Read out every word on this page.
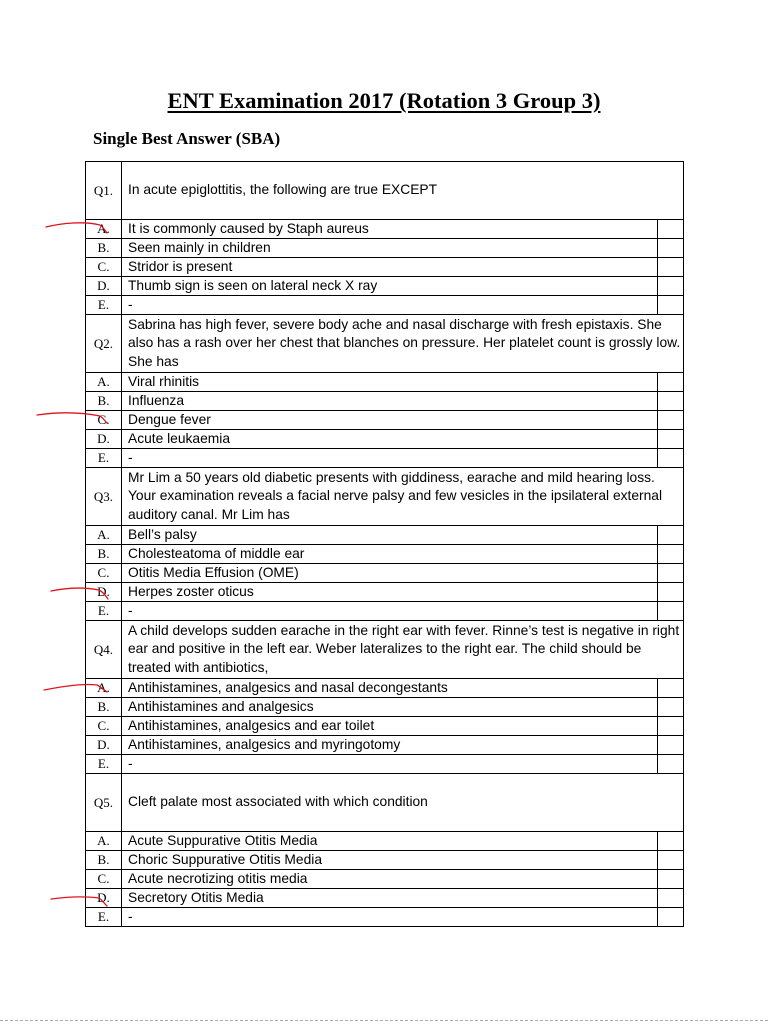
ENT Examination 2017 (Rotation 3 Group 3)
Single Best Answer (SBA)
Q1.	In acute epiglottitis, the following are true EXCEPT	
A.	It is commonly caused by Staph aureus	
B.	Seen mainly in children	
C.	Stridor is present	
D.	Thumb sign is seen on lateral neck X ray	
E.	-	
Q2.	Sabrina has high fever, severe body ache and nasal discharge with fresh epistaxis. She also has a rash over her chest that blanches on pressure. Her platelet count is grossly low. She has	
A.	Viral rhinitis	
B.	Influenza	
C.	Dengue fever	
D.	Acute leukaemia	
E.	-	
Q3.	Mr Lim a 50 years old diabetic presents with giddiness, earache and mild hearing loss. Your examination reveals a facial nerve palsy and few vesicles in the ipsilateral external auditory canal. Mr Lim has	
A.	Bell’s palsy	
B.	Cholesteatoma of middle ear	
C.	Otitis Media Effusion (OME)	
D.	Herpes zoster oticus	
E.	-	
Q4.	A child develops sudden earache in the right ear with fever. Rinne’s test is negative in right ear and positive in the left ear. Weber lateralizes to the right ear. The child should be treated with antibiotics,	
A.	Antihistamines, analgesics and nasal decongestants	
B.	Antihistamines and analgesics	
C.	Antihistamines, analgesics and ear toilet	
D.	Antihistamines, analgesics and myringotomy	
E.	-	
Q5.	Cleft palate most associated with which condition	
A.	Acute Suppurative Otitis Media	
B.	Choric Suppurative Otitis Media	
C.	Acute necrotizing otitis media	
D.	Secretory Otitis Media	
E.	-	
